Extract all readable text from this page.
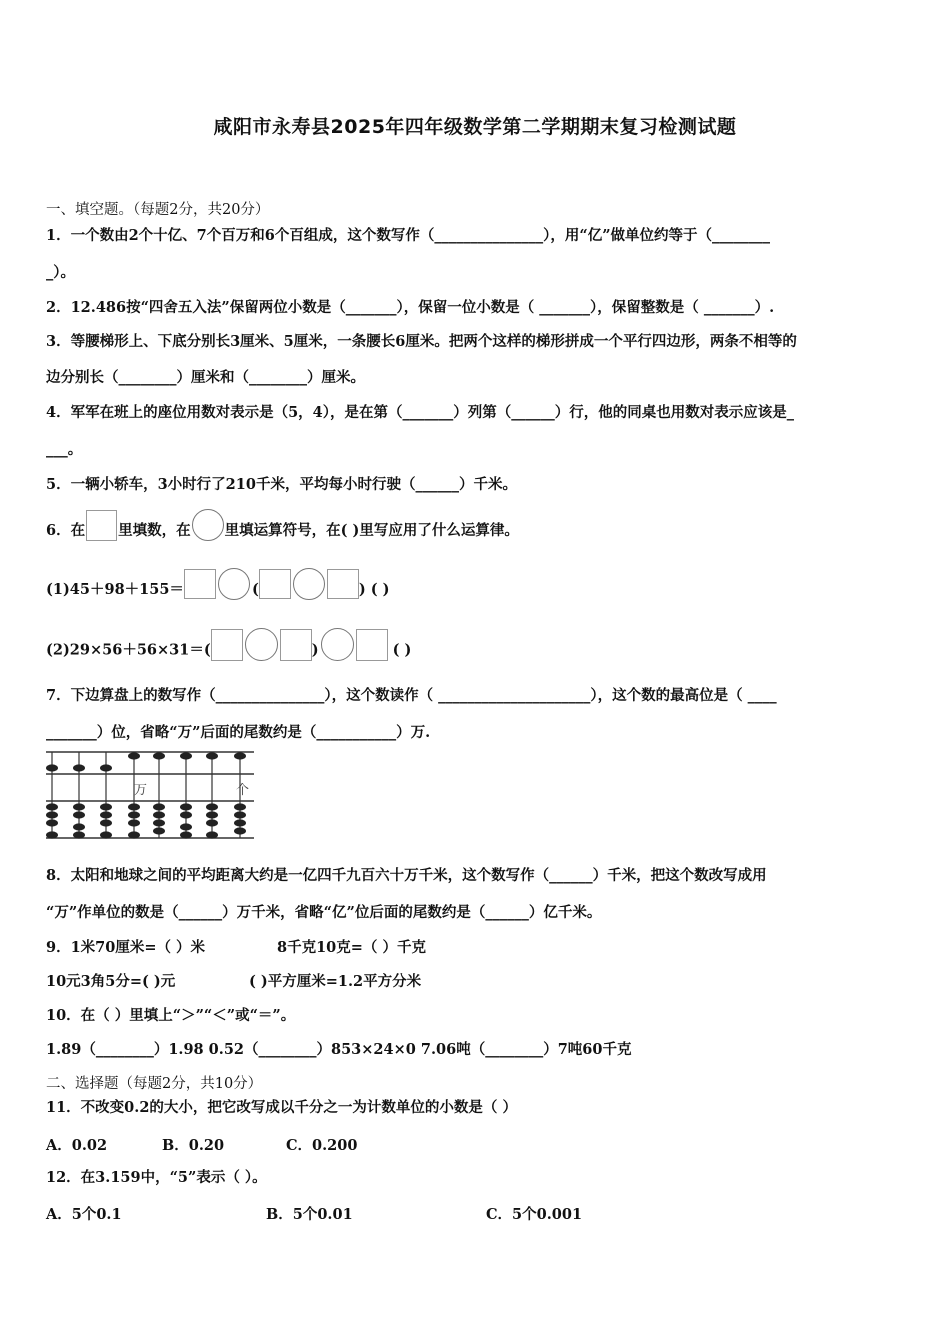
咸阳市永寿县2025年四年级数学第二学期期末复习检测试题
一、填空题。（每题2分，共20分）
1．一个数由2个十亿、7个百万和6个百组成，这个数写作（_______________），用“亿”做单位约等于（________
_）。
2．12.486按“四舍五入法”保留两位小数是（_______），保留一位小数是（ _______），保留整数是（ _______）.
3．等腰梯形上、下底分别长3厘米、5厘米，一条腰长6厘米。把两个这样的梯形拼成一个平行四边形，两条不相等的
边分别长（________）厘米和（________）厘米。
4．军军在班上的座位用数对表示是（5，4），是在第（_______）列第（______）行，他的同桌也用数对表示应该是_
___。
5．一辆小轿车，3小时行了210千米，平均每小时行驶（______）千米。
6．在 里填数，在 里填运算符号，在( )里写应用了什么运算律。
(1)45＋98＋155＝	(	) ( )
(2)29×56＋56×31＝(	)	( )
7．下边算盘上的数写作（_______________），这个数读作（ _____________________），这个数的最高位是（ ____
_______）位，省略“万”后面的尾数约是（___________）万.
万	个
8．太阳和地球之间的平均距离大约是一亿四千九百六十万千米，这个数写作（______）千米，把这个数改写成用
“万”作单位的数是（______）万千米，省略“亿”位后面的尾数约是（______）亿千米。
9．1米70厘米=（ ）米	8千克10克=（ ）千克
10元3角5分=( )元	( )平方厘米=1.2平方分米
10．在（ ）里填上“＞”“＜”或“＝”。
1.89（________）1.98 0.52（________）853×24×0 7.06吨（________）7吨60千克
二、选择题（每题2分，共10分）
11．不改变0.2的大小，把它改写成以千分之一为计数单位的小数是（ ）
A．0.02	B．0.20	C．0.200
12．在3.159中，“5”表示（ ）。
A．5个0.1	B．5个0.01	C．5个0.001
